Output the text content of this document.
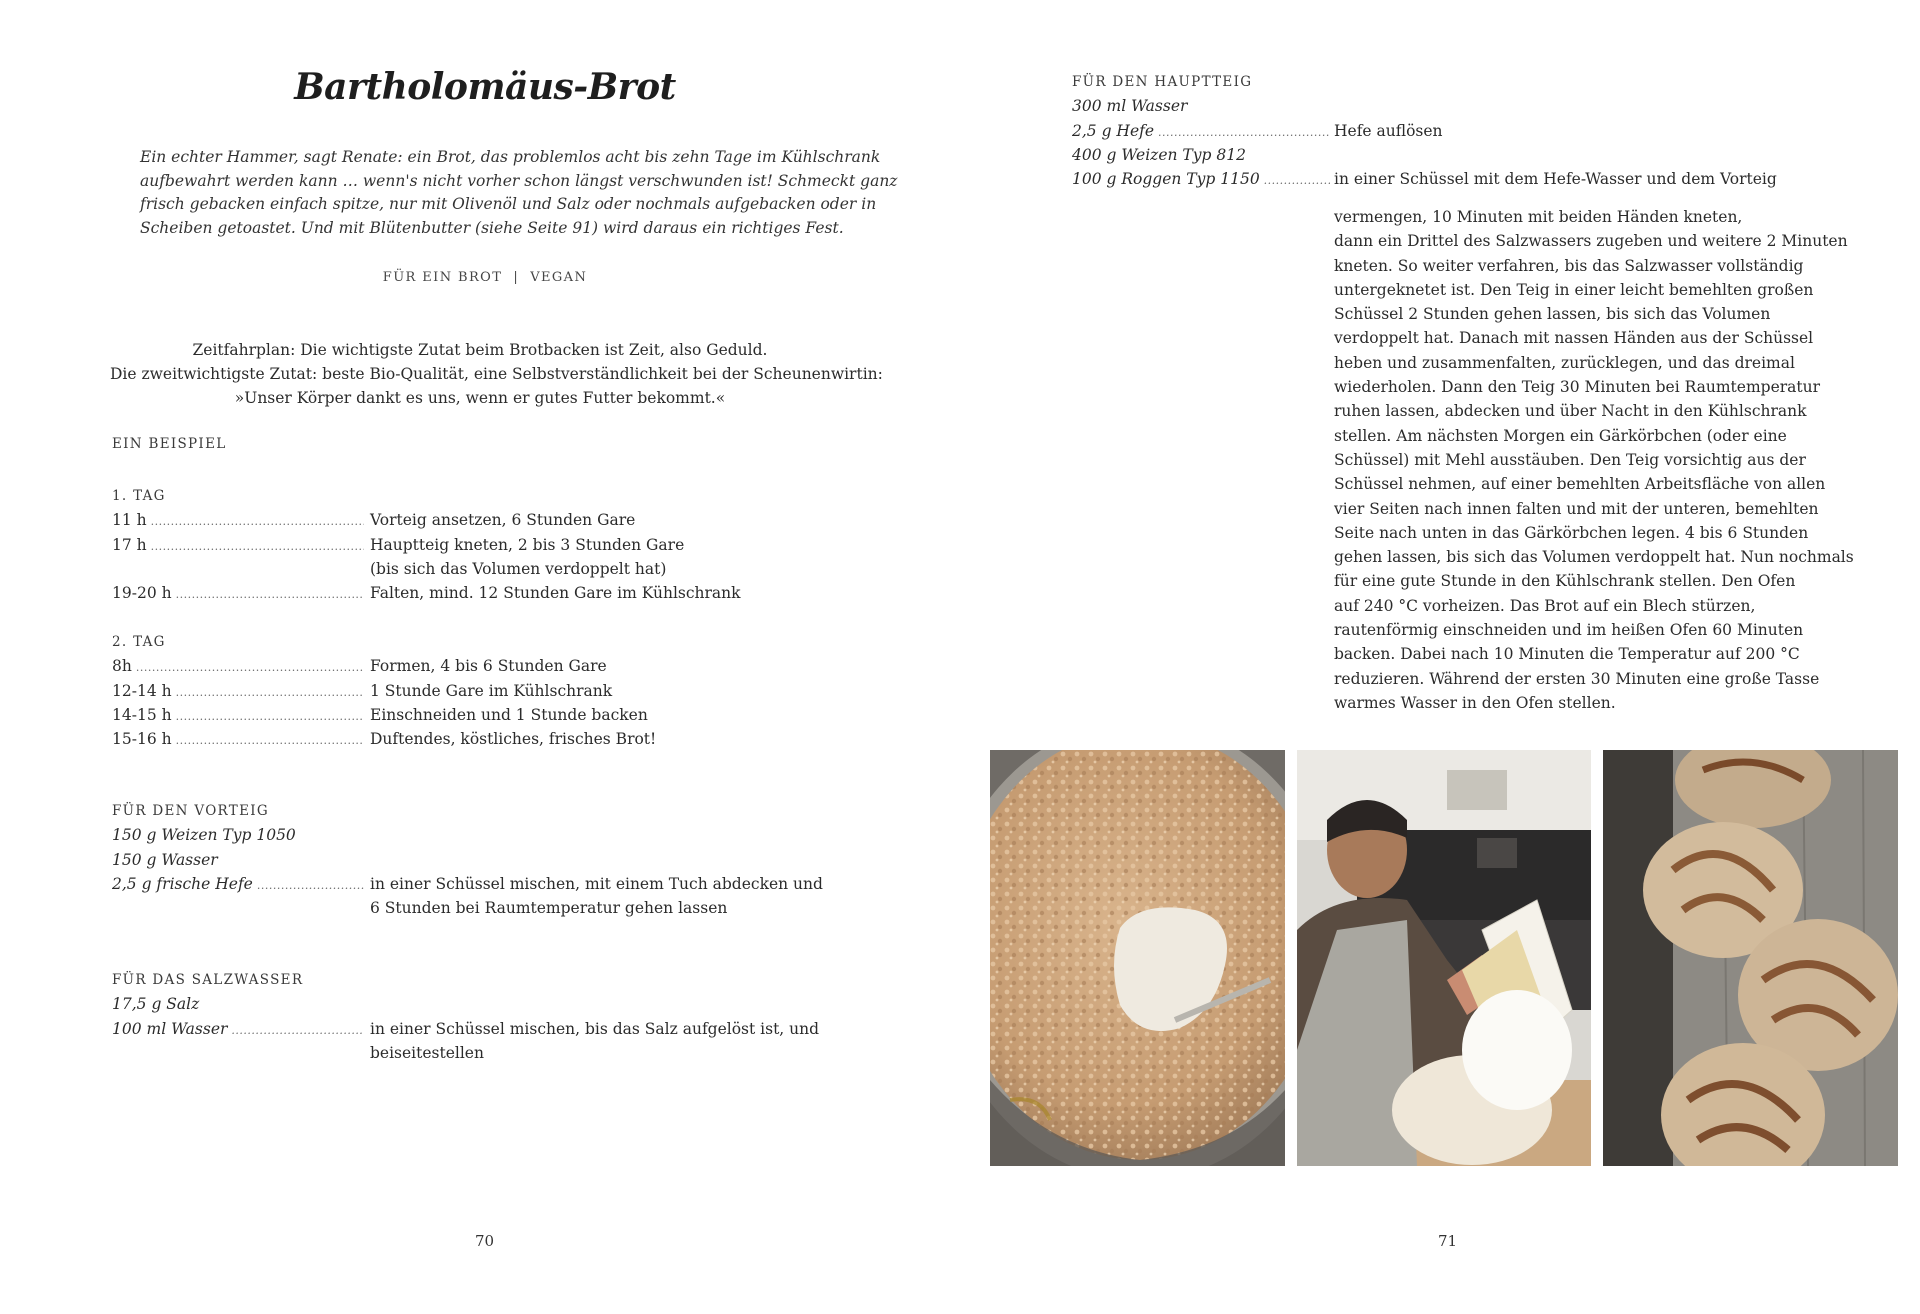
Bartholomäus-Brot
Ein echter Hammer, sagt Renate: ein Brot, das problemlos acht bis zehn Tage im Kühlschrank
aufbewahrt werden kann … wenn's nicht vorher schon längst verschwunden ist! Schmeckt ganz
frisch gebacken einfach spitze, nur mit Olivenöl und Salz oder nochmals aufgebacken oder in
Scheiben getoastet. Und mit Blütenbutter (siehe Seite 91) wird daraus ein richtiges Fest.
FÜR EIN BROT  |  VEGAN
Zeitfahrplan: Die wichtigste Zutat beim Brotbacken ist Zeit, also Geduld.
Die zweitwichtigste Zutat: beste Bio-Qualität, eine Selbstverständlichkeit bei der Scheunenwirtin:
»Unser Körper dankt es uns, wenn er gutes Futter bekommt.«
EIN BEISPIEL
1. TAG
11 h .....	Vorteig ansetzen, 6 Stunden Gare
17 h .....	Hauptteig kneten, 2 bis 3 Stunden Gare
(bis sich das Volumen verdoppelt hat)
19-20 h .....	Falten, mind. 12 Stunden Gare im Kühlschrank
2. TAG
8h .....	Formen, 4 bis 6 Stunden Gare
12-14 h .....	1 Stunde Gare im Kühlschrank
14-15 h .....	Einschneiden und 1 Stunde backen
15-16 h .....	Duftendes, köstliches, frisches Brot!
FÜR DEN VORTEIG
150 g Weizen Typ 1050
150 g Wasser
2,5 g frische Hefe .....	in einer Schüssel mischen, mit einem Tuch abdecken und
6 Stunden bei Raumtemperatur gehen lassen
FÜR DAS SALZWASSER
17,5 g Salz
100 ml Wasser .....	in einer Schüssel mischen, bis das Salz aufgelöst ist, und
beiseitestellen
70
FÜR DEN HAUPTTEIG
300 ml Wasser
2,5 g Hefe .....	Hefe auflösen
400 g Weizen Typ 812
100 g Roggen Typ 1150 .....	in einer Schüssel mit dem Hefe-Wasser und dem Vorteig
vermengen, 10 Minuten mit beiden Händen kneten,
dann ein Drittel des Salzwassers zugeben und weitere 2 Minuten
kneten. So weiter verfahren, bis das Salzwasser vollständig
untergeknetet ist. Den Teig in einer leicht bemehlten großen
Schüssel 2 Stunden gehen lassen, bis sich das Volumen
verdoppelt hat. Danach mit nassen Händen aus der Schüssel
heben und zusammenfalten, zurücklegen, und das dreimal
wiederholen. Dann den Teig 30 Minuten bei Raumtemperatur
ruhen lassen, abdecken und über Nacht in den Kühlschrank
stellen. Am nächsten Morgen ein Gärkörbchen (oder eine
Schüssel) mit Mehl ausstäuben. Den Teig vorsichtig aus der
Schüssel nehmen, auf einer bemehlten Arbeitsfläche von allen
vier Seiten nach innen falten und mit der unteren, bemehlten
Seite nach unten in das Gärkörbchen legen. 4 bis 6 Stunden
gehen lassen, bis sich das Volumen verdoppelt hat. Nun nochmals
für eine gute Stunde in den Kühlschrank stellen. Den Ofen
auf 240 °C vorheizen. Das Brot auf ein Blech stürzen,
rautenförmig einschneiden und im heißen Ofen 60 Minuten
backen. Dabei nach 10 Minuten die Temperatur auf 200 °C
reduzieren. Während der ersten 30 Minuten eine große Tasse
warmes Wasser in den Ofen stellen.
71
